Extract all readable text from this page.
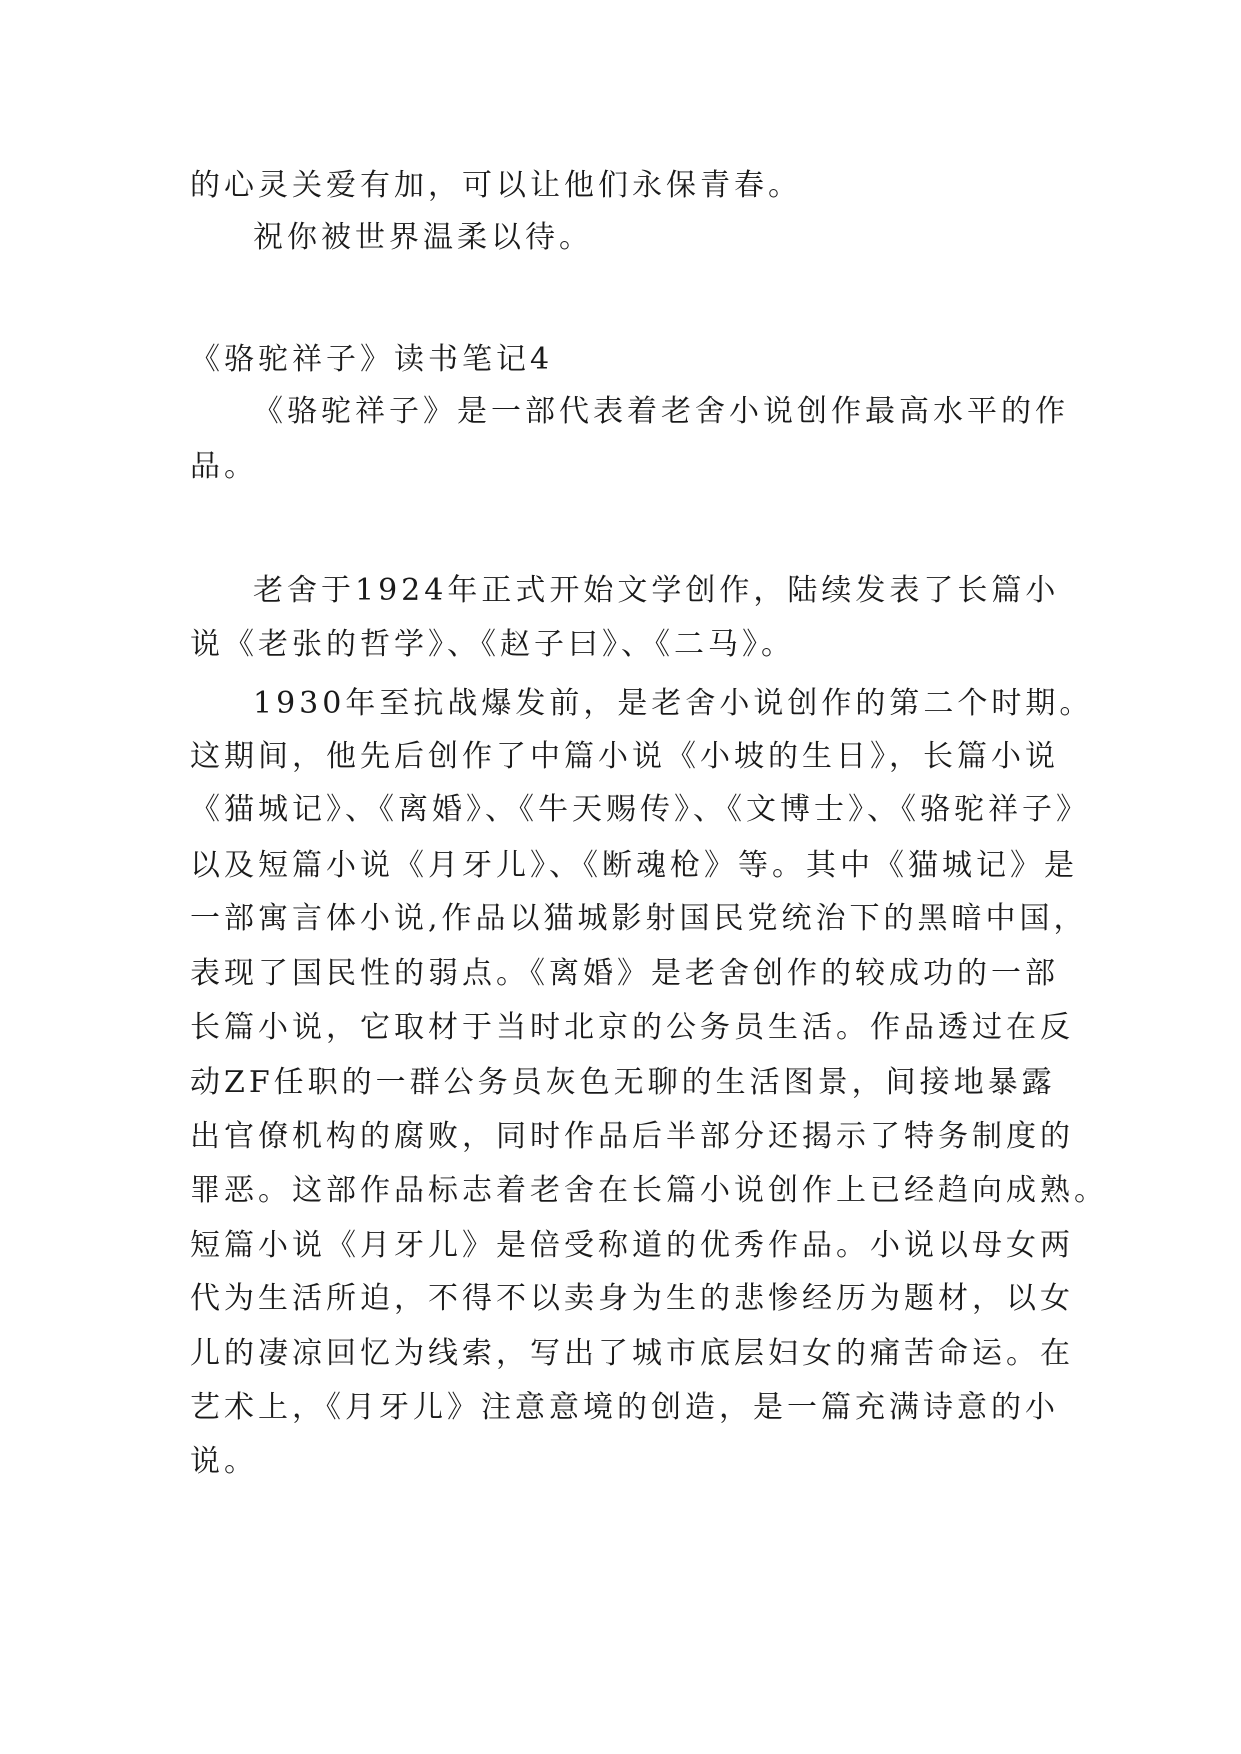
的心灵关爱有加，可以让他们永保青春。

祝你被世界温柔以待。

《骆驼祥子》读书笔记4

《骆驼祥子》是一部代表着老舍小说创作最高水平的作

品。

老舍于1924年正式开始文学创作，陆续发表了长篇小

说《老张的哲学》、《赵子曰》、《二马》。

1930年至抗战爆发前，是老舍小说创作的第二个时期。

这期间，他先后创作了中篇小说《小坡的生日》，长篇小说

《猫城记》、《离婚》、《牛天赐传》、《文博士》、《骆驼祥子》

以及短篇小说《月牙儿》、《断魂枪》等。其中《猫城记》是

一部寓言体小说,作品以猫城影射国民党统治下的黑暗中国，

表现了国民性的弱点。《离婚》是老舍创作的较成功的一部

长篇小说，它取材于当时北京的公务员生活。作品透过在反

动ZF任职的一群公务员灰色无聊的生活图景，间接地暴露

出官僚机构的腐败，同时作品后半部分还揭示了特务制度的

罪恶。这部作品标志着老舍在长篇小说创作上已经趋向成熟。

短篇小说《月牙儿》是倍受称道的优秀作品。小说以母女两

代为生活所迫，不得不以卖身为生的悲惨经历为题材，以女

儿的凄凉回忆为线索，写出了城市底层妇女的痛苦命运。在

艺术上，《月牙儿》注意意境的创造，是一篇充满诗意的小

说。
